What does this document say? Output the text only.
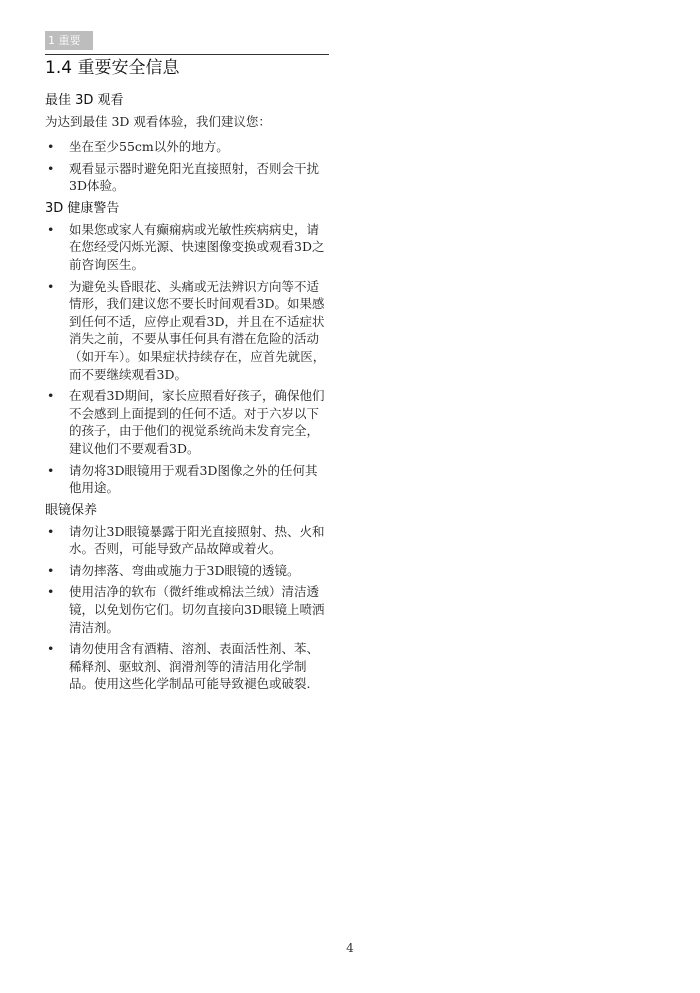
1 重要
1.4 重要安全信息
最佳 3D 观看

为达到最佳 3D 观看体验，我们建议您：

• 坐在至少55cm以外的地方。
• 观看显示器时避免阳光直接照射，否则会干扰3D体验。
3D 健康警告
• 如果您或家人有癫痫病或光敏性疾病病史，请在您经受闪烁光源、快速图像变换或观看3D之前咨询医生。
• 为避免头昏眼花、头痛或无法辨识方向等不适情形，我们建议您不要长时间观看3D。如果感到任何不适，应停止观看3D，并且在不适症状消失之前，不要从事任何具有潜在危险的活动（如开车）。如果症状持续存在，应首先就医，而不要继续观看3D。
• 在观看3D期间，家长应照看好孩子，确保他们不会感到上面提到的任何不适。对于六岁以下的孩子，由于他们的视觉系统尚未发育完全，建议他们不要观看3D。
• 请勿将3D眼镜用于观看3D图像之外的任何其他用途。
眼镜保养
• 请勿让3D眼镜暴露于阳光直接照射、热、火和水。否则，可能导致产品故障或着火。
• 请勿摔落、弯曲或施力于3D眼镜的透镜。
• 使用洁净的软布（微纤维或棉法兰绒）清洁透镜，以免划伤它们。切勿直接向3D眼镜上喷洒清洁剂。
• 请勿使用含有酒精、溶剂、表面活性剂、苯、稀释剂、驱蚊剂、润滑剂等的清洁用化学制品。使用这些化学制品可能导致褪色或破裂.
4
